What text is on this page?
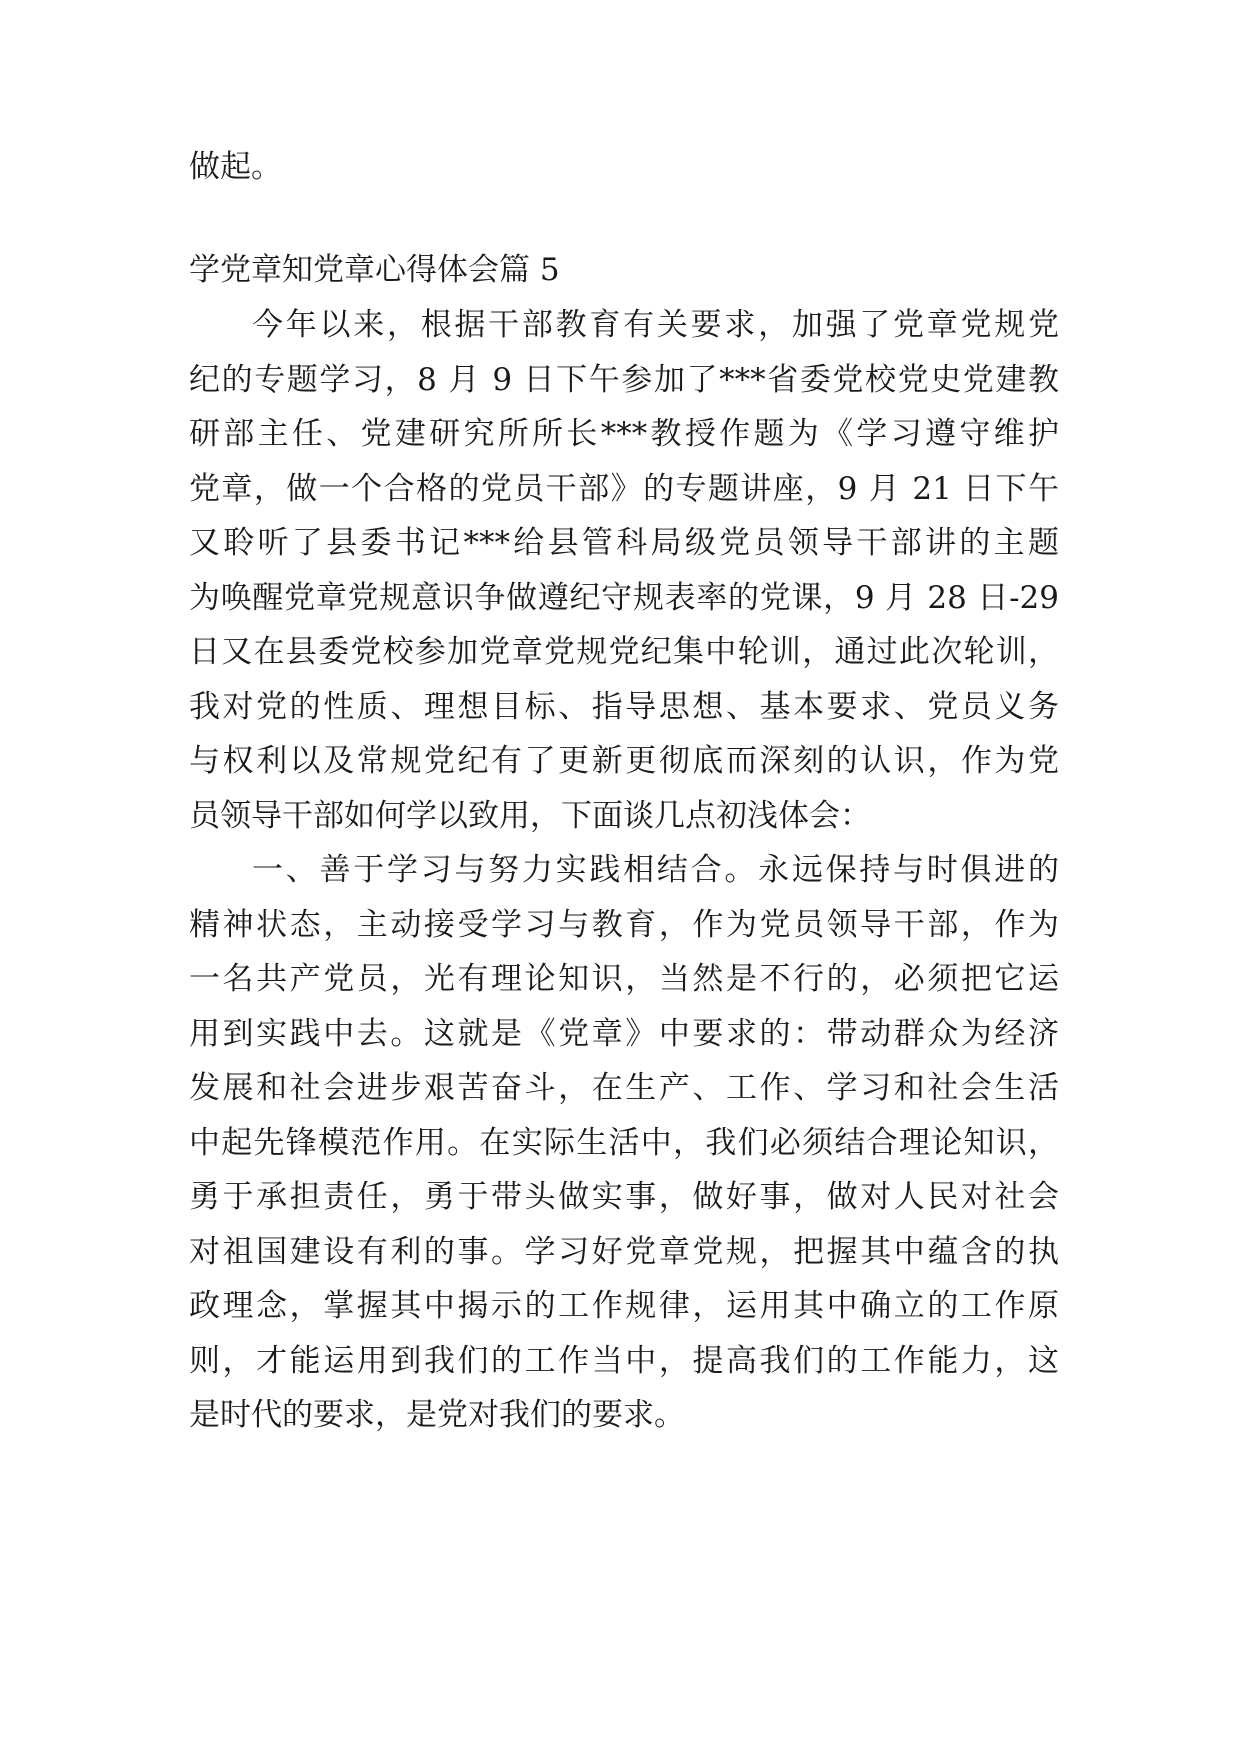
做起。
学党章知党章心得体会篇 5
今年以来，根据干部教育有关要求，加强了党章党规党
纪的专题学习，8 月 9 日下午参加了***省委党校党史党建教
研部主任、党建研究所所长***教授作题为《学习遵守维护
党章，做一个合格的党员干部》的专题讲座，9 月 21 日下午
又聆听了县委书记***给县管科局级党员领导干部讲的主题
为唤醒党章党规意识争做遵纪守规表率的党课，9 月 28 日-29
日又在县委党校参加党章党规党纪集中轮训，通过此次轮训，
我对党的性质、理想目标、指导思想、基本要求、党员义务
与权利以及常规党纪有了更新更彻底而深刻的认识，作为党
员领导干部如何学以致用，下面谈几点初浅体会：
一、善于学习与努力实践相结合。永远保持与时俱进的
精神状态，主动接受学习与教育，作为党员领导干部，作为
一名共产党员，光有理论知识，当然是不行的，必须把它运
用到实践中去。这就是《党章》中要求的：带动群众为经济
发展和社会进步艰苦奋斗，在生产、工作、学习和社会生活
中起先锋模范作用。在实际生活中，我们必须结合理论知识，
勇于承担责任，勇于带头做实事，做好事，做对人民对社会
对祖国建设有利的事。学习好党章党规，把握其中蕴含的执
政理念，掌握其中揭示的工作规律，运用其中确立的工作原
则，才能运用到我们的工作当中，提高我们的工作能力，这
是时代的要求，是党对我们的要求。
